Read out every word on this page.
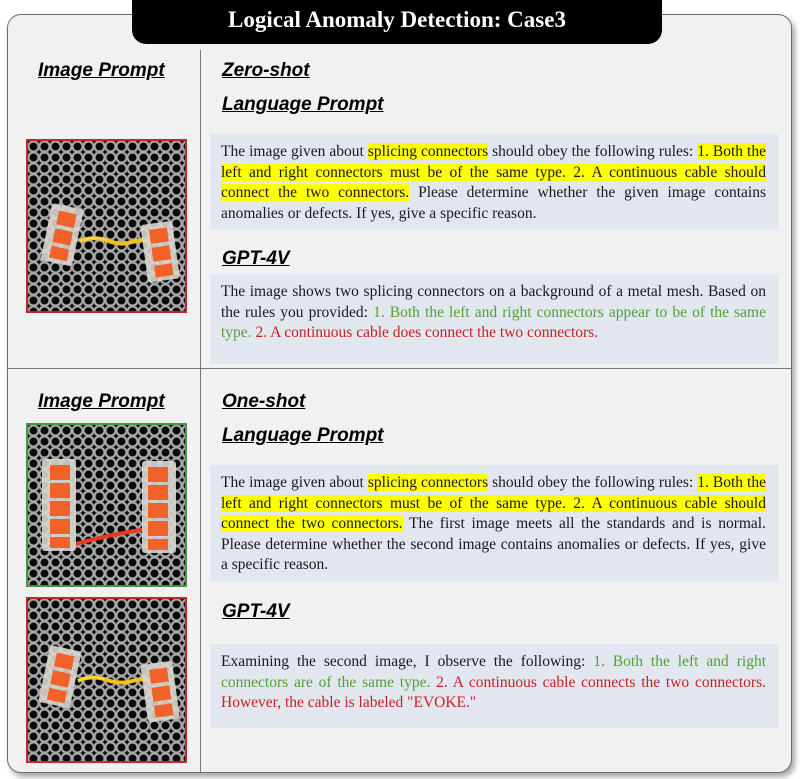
Logical Anomaly Detection: Case3
Image Prompt	Zero-shot
Language Prompt
The image given about splicing connectors should obey the following rules: 1. Both the left and right connectors must be of the same type. 2. A continuous cable should connect the two connectors. Please determine whether the given image contains anomalies or defects. If yes, give a specific reason.
GPT-4V
The image shows two splicing connectors on a background of a metal mesh. Based on the rules you provided: 1. Both the left and right connectors appear to be of the same type. 2. A continuous cable does connect the two connectors.
Image Prompt	One-shot
Language Prompt
The image given about splicing connectors should obey the following rules: 1. Both the left and right connectors must be of the same type. 2. A continuous cable should connect the two connectors. The first image meets all the standards and is normal. Please determine whether the second image contains anomalies or defects. If yes, give a specific reason.
GPT-4V
Examining the second image, I observe the following: 1. Both the left and right connectors are of the same type. 2. A continuous cable connects the two connectors. However, the cable is labeled "EVOKE."
